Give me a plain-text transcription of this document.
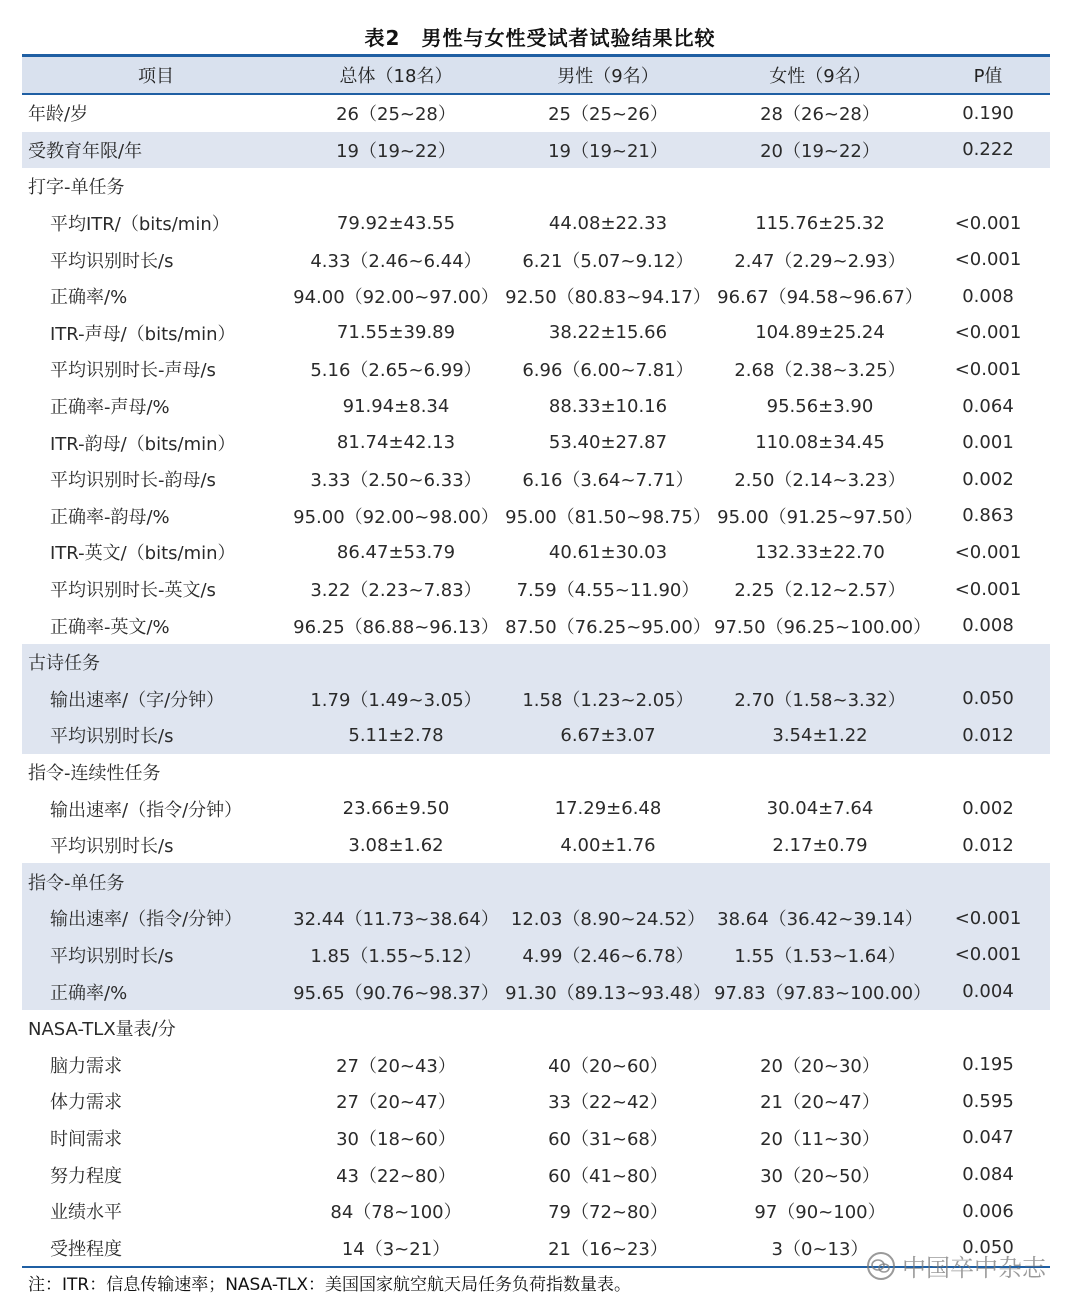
表2　男性与女性受试者试验结果比较
项目	总体（18名）	男性（9名）	女性（9名）	P值
年龄/岁	26（25~28）	25（25~26）	28（26~28）	0.190
受教育年限/年	19（19~22）	19（19~21）	20（19~22）	0.222
打字-单任务
平均ITR/（bits/min）	79.92±43.55	44.08±22.33	115.76±25.32	<0.001
平均识别时长/s	4.33（2.46~6.44）	6.21（5.07~9.12）	2.47（2.29~2.93）	<0.001
正确率/%	94.00（92.00~97.00） 92.50（80.83~94.17） 96.67（94.58~96.67）	0.008
ITR-声母/（bits/min）	71.55±39.89	38.22±15.66	104.89±25.24	<0.001
平均识别时长-声母/s	5.16（2.65~6.99）	6.96（6.00~7.81）	2.68（2.38~3.25）	<0.001
正确率-声母/%	91.94±8.34	88.33±10.16	95.56±3.90	0.064
ITR-韵母/（bits/min）	81.74±42.13	53.40±27.87	110.08±34.45	0.001
平均识别时长-韵母/s	3.33（2.50~6.33）	6.16（3.64~7.71）	2.50（2.14~3.23）	0.002
正确率-韵母/%	95.00（92.00~98.00） 95.00（81.50~98.75） 95.00（91.25~97.50）	0.863
ITR-英文/（bits/min）	86.47±53.79	40.61±30.03	132.33±22.70	<0.001
平均识别时长-英文/s	3.22（2.23~7.83）	7.59（4.55~11.90）	2.25（2.12~2.57）	<0.001
正确率-英文/%	96.25（86.88~96.13） 87.50（76.25~95.00） 97.50（96.25~100.00）	0.008
古诗任务
输出速率/（字/分钟）	1.79（1.49~3.05）	1.58（1.23~2.05）	2.70（1.58~3.32）	0.050
平均识别时长/s	5.11±2.78	6.67±3.07	3.54±1.22	0.012
指令-连续性任务
输出速率/（指令/分钟）	23.66±9.50	17.29±6.48	30.04±7.64	0.002
平均识别时长/s	3.08±1.62	4.00±1.76	2.17±0.79	0.012
指令-单任务
输出速率/（指令/分钟）	32.44（11.73~38.64） 12.03（8.90~24.52） 38.64（36.42~39.14）	<0.001
平均识别时长/s	1.85（1.55~5.12）	4.99（2.46~6.78）	1.55（1.53~1.64）	<0.001
正确率/%	95.65（90.76~98.37） 91.30（89.13~93.48） 97.83（97.83~100.00）	0.004
NASA-TLX量表/分
脑力需求	27（20~43）	40（20~60）	20（20~30）	0.195
体力需求	27（20~47）	33（22~42）	21（20~47）	0.595
时间需求	30（18~60）	60（31~68）	20（11~30）	0.047
努力程度	43（22~80）	60（41~80）	30（20~50）	0.084
业绩水平	84（78~100）	79（72~80）	97（90~100）	0.006
受挫程度	14（3~21）	21（16~23）	3（0~13）	0.050
注：ITR：信息传输速率；NASA-TLX：美国国家航空航天局任务负荷指数量表。
中国卒中杂志
